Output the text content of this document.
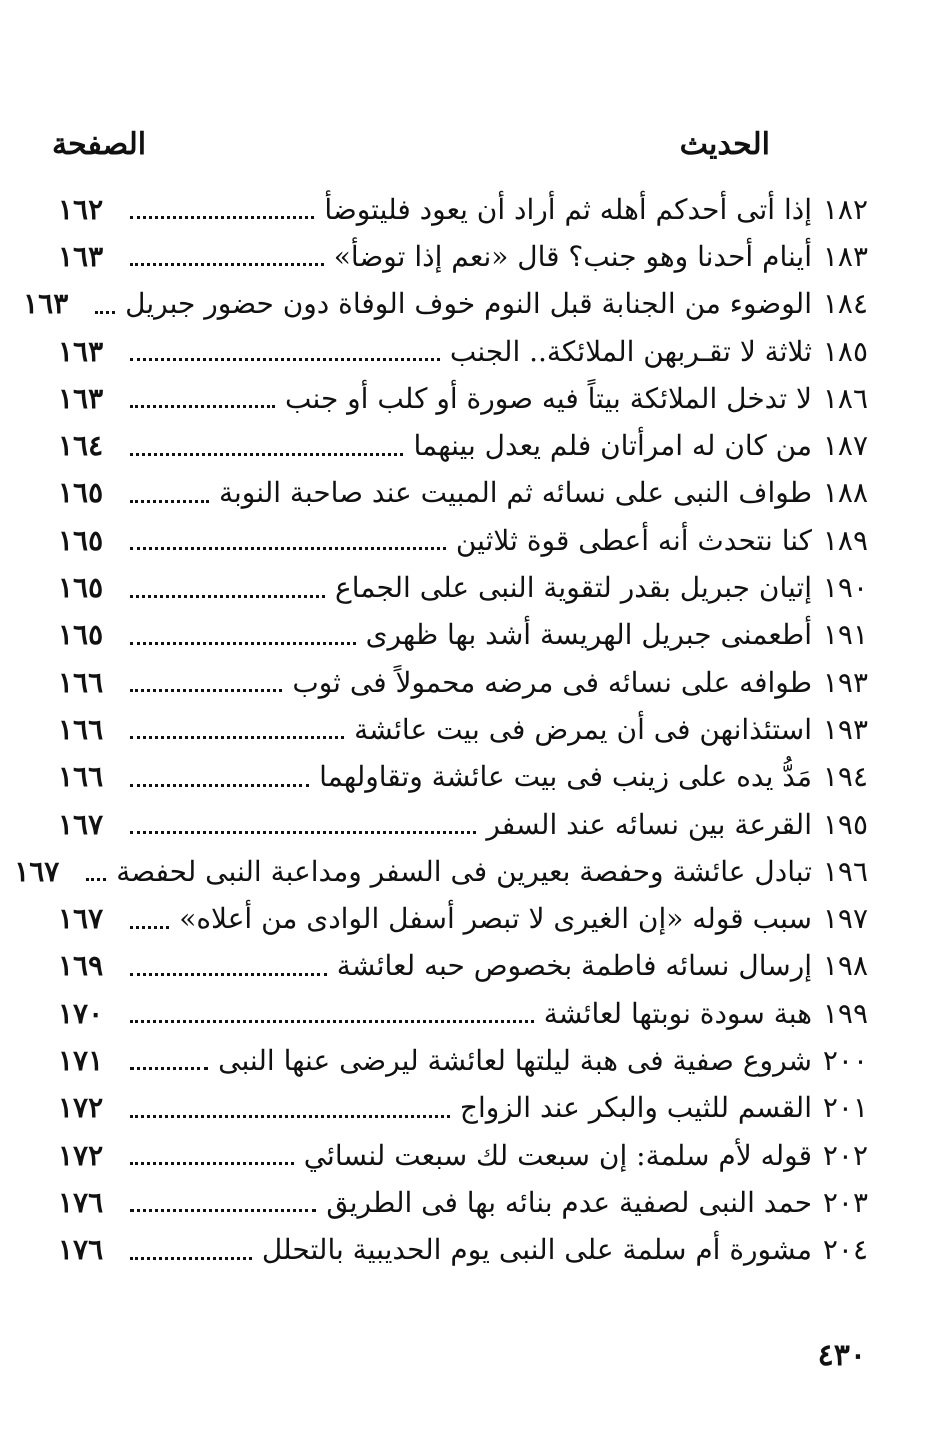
الحديث
الصفحة
١٨٢
إذا أتى أحدكم أهله ثم أراد أن يعود فليتوضأ
١٦٢
١٨٣
أينام أحدنا وهو جنب؟ قال «نعم إذا توضأ»
١٦٣
١٨٤
الوضوء من الجنابة قبل النوم خوف الوفاة دون حضور جبريل
١٦٣
١٨٥
ثلاثة لا تقـربهن الملائكة.. الجنب
١٦٣
١٨٦
لا تدخل الملائكة بيتاً فيه صورة أو كلب أو جنب
١٦٣
١٨٧
من كان له امرأتان فلم يعدل بينهما
١٦٤
١٨٨
طواف النبى على نسائه ثم المبيت عند صاحبة النوبة
١٦٥
١٨٩
كنا نتحدث أنه أعطى قوة ثلاثين
١٦٥
١٩٠
إتيان جبريل بقدر لتقوية النبى على الجماع
١٦٥
١٩١
أطعمنى جبريل الهريسة أشد بها ظهرى
١٦٥
١٩٣
طوافه على نسائه فى مرضه محمولاً فى ثوب
١٦٦
١٩٣
استئذانهن فى أن يمرض فى بيت عائشة
١٦٦
١٩٤
مَدُّ يده على زينب فى بيت عائشة وتقاولهما
١٦٦
١٩٥
القرعة بين نسائه عند السفر
١٦٧
١٩٦
تبادل عائشة وحفصة بعيرين فى السفر ومداعبة النبى لحفصة
١٦٧
١٩٧
سبب قوله «إن الغيرى لا تبصر أسفل الوادى من أعلاه»
١٦٧
١٩٨
إرسال نسائه فاطمة بخصوص حبه لعائشة
١٦٩
١٩٩
هبة سودة نوبتها لعائشة
١٧٠
٢٠٠
شروع صفية فى هبة ليلتها لعائشة ليرضى عنها النبى
١٧١
٢٠١
القسم للثيب والبكر عند الزواج
١٧٢
٢٠٢
قوله لأم سلمة: إن سبعت لك سبعت لنسائي
١٧٢
٢٠٣
حمد النبى لصفية عدم بنائه بها فى الطريق
١٧٦
٢٠٤
مشورة أم سلمة على النبى يوم الحديبية بالتحلل
١٧٦
٤٣٠
